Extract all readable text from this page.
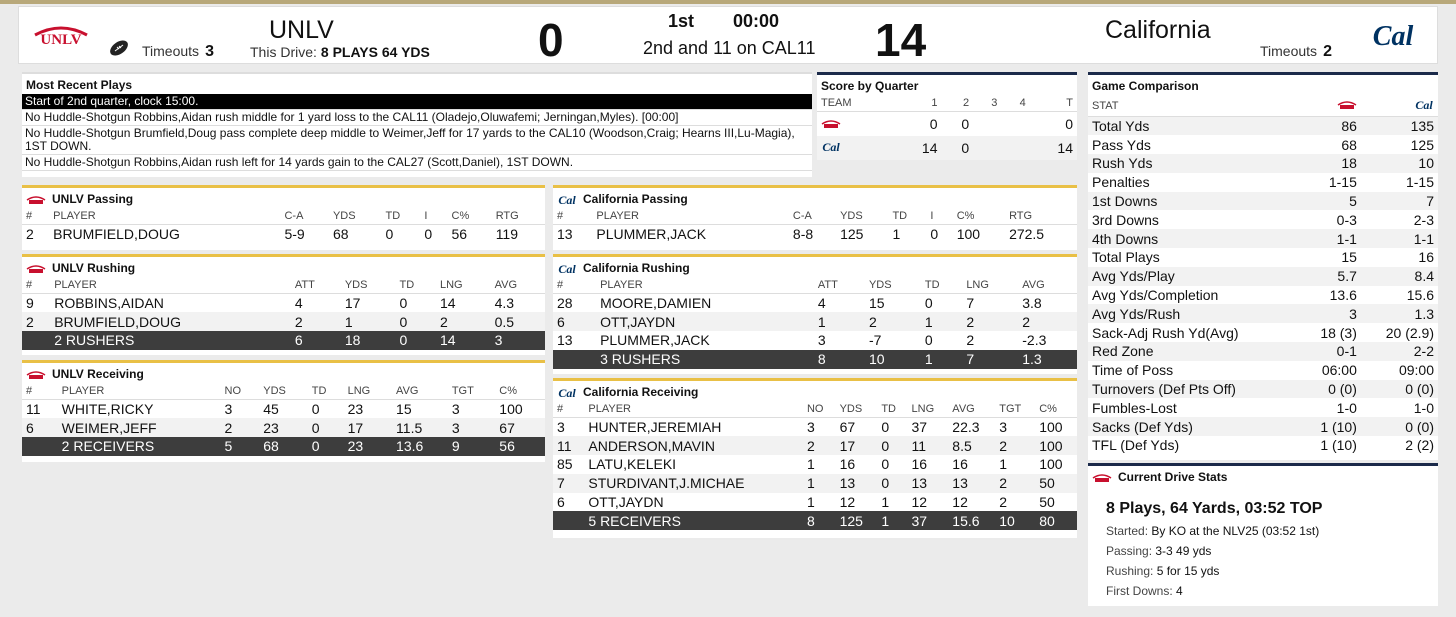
UNLV
Timeouts 3
UNLV
This Drive: 8 PLAYS 64 YDS 0	1st 00:00
2nd and 11 on CAL11 14	California
Timeouts 2 Cal
Most Recent Plays
Start of 2nd quarter, clock 15:00.
No Huddle-Shotgun Robbins,Aidan rush middle for 1 yard loss to the CAL11 (Oladejo,Oluwafemi; Jerningan,Myles). [00:00]
No Huddle-Shotgun Brumfield,Doug pass complete deep middle to Weimer,Jeff for 17 yards to the CAL10 (Woodson,Craig; Hearns III,Lu-Magia), 1ST DOWN.
No Huddle-Shotgun Robbins,Aidan rush left for 14 yards gain to the CAL27 (Scott,Daniel), 1ST DOWN.
Score by Quarter
TEAM	1	2	3	4	T
	0	0			0

Cal	14	0			14
UNLV Passing
#	PLAYER	C-A	YDS	TD	I	C%	RTG
2	BRUMFIELD,DOUG	5-9	68	0	0	56	119
UNLV Rushing
#	PLAYER	ATT	YDS	TD	LNG	AVG
9	ROBBINS,AIDAN	4	17	0	14	4.3
2	BRUMFIELD,DOUG	2	1	0	2	0.5
	2 RUSHERS	6	18	0	14	3
UNLV Receiving
#	PLAYER	NO	YDS	TD	LNG	AVG	TGT	C%
11	WHITE,RICKY	3	45	0	23	15	3	100
6	WEIMER,JEFF	2	23	0	17	11.5	3	67
	2 RECEIVERS	5	68	0	23	13.6	9	56
Cal California Passing
#	PLAYER	C-A	YDS	TD	I	C%	RTG
13	PLUMMER,JACK	8-8	125	1	0	100	272.5
Cal California Rushing
#	PLAYER	ATT	YDS	TD	LNG	AVG
28	MOORE,DAMIEN	4	15	0	7	3.8
6	OTT,JAYDN	1	2	1	2	2
13	PLUMMER,JACK	3	-7	0	2	-2.3
	3 RUSHERS	8	10	1	7	1.3
Cal California Receiving
#	PLAYER	NO	YDS	TD	LNG	AVG	TGT	C%
3	HUNTER,JEREMIAH	3	67	0	37	22.3	3	100
11	ANDERSON,MAVIN	2	17	0	11	8.5	2	100
85	LATU,KELEKI	1	16	0	16	16	1	100
7	STURDIVANT,J.MICHAE	1	13	0	13	13	2	50
6	OTT,JAYDN	1	12	1	12	12	2	50
	5 RECEIVERS	8	125	1	37	15.6	10	80
Game Comparison
STAT		Cal

Total Yds	86	135
Pass Yds	68	125
Rush Yds	18	10
Penalties	1-15	1-15
1st Downs	5	7
3rd Downs	0-3	2-3
4th Downs	1-1	1-1
Total Plays	15	16
Avg Yds/Play	5.7	8.4
Avg Yds/Completion	13.6	15.6
Avg Yds/Rush	3	1.3
Sack-Adj Rush Yd(Avg)	18 (3)	20 (2.9)
Red Zone	0-1	2-2
Time of Poss	06:00	09:00
Turnovers (Def Pts Off)	0 (0)	0 (0)
Fumbles-Lost	1-0	1-0
Sacks (Def Yds)	1 (10)	0 (0)
TFL (Def Yds)	1 (10)	2 (2)
Current Drive Stats
8 Plays, 64 Yards, 03:52 TOP
Started: By KO at the NLV25 (03:52 1st)
Passing: 3-3 49 yds
Rushing: 5 for 15 yds
First Downs: 4
